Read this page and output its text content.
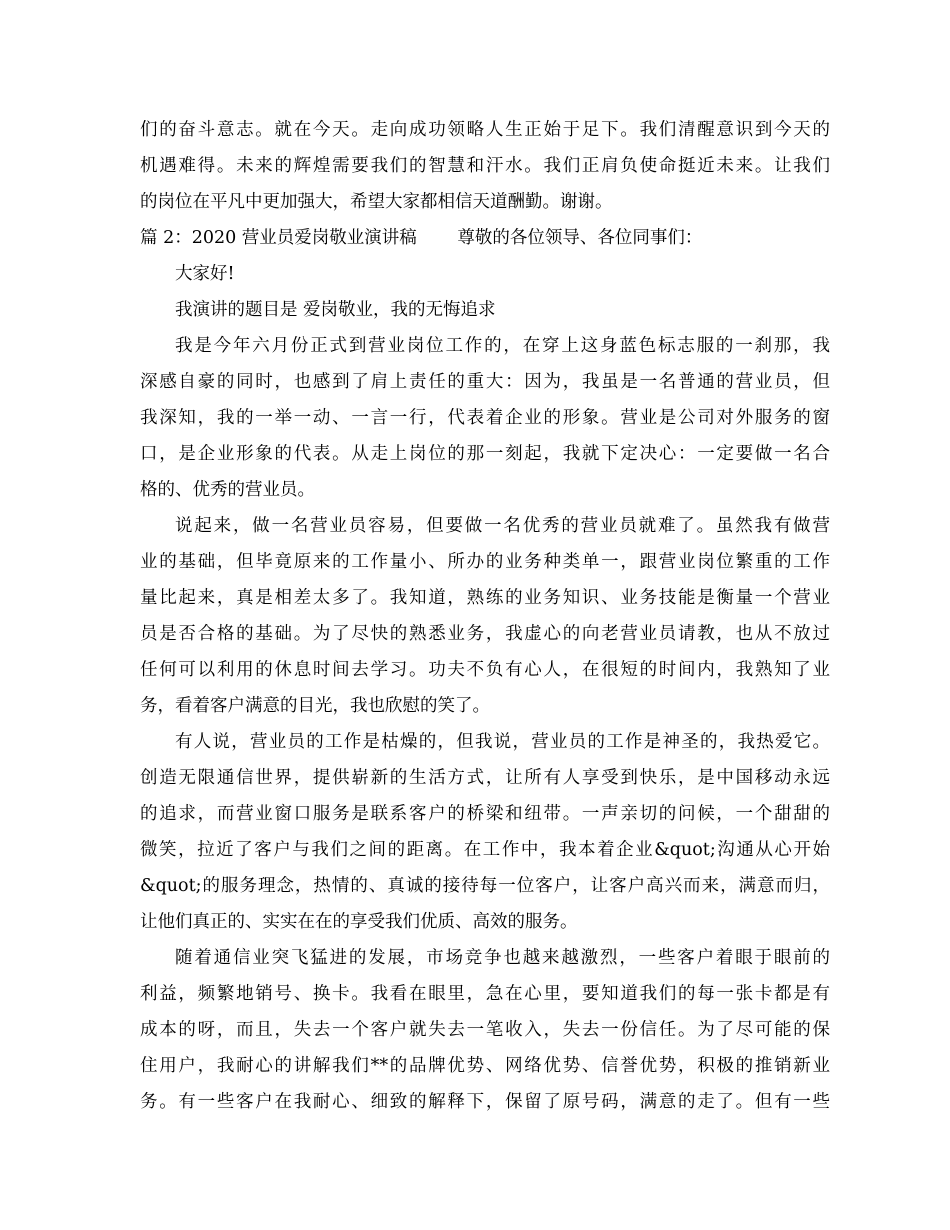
们的奋斗意志。就在今天。走向成功领略人生正始于足下。我们清醒意识到今天的
机遇难得。未来的辉煌需要我们的智慧和汗水。我们正肩负使命挺近未来。让我们
的岗位在平凡中更加强大，希望大家都相信天道酬勤。谢谢。
篇 2：2020 营业员爱岗敬业演讲稿　　 尊敬的各位领导、各位同事们：
大家好!
我演讲的题目是 爱岗敬业，我的无悔追求
我是今年六月份正式到营业岗位工作的，在穿上这身蓝色标志服的一刹那，我
深感自豪的同时，也感到了肩上责任的重大：因为，我虽是一名普通的营业员，但
我深知，我的一举一动、一言一行，代表着企业的形象。营业是公司对外服务的窗
口，是企业形象的代表。从走上岗位的那一刻起，我就下定决心：一定要做一名合
格的、优秀的营业员。
说起来，做一名营业员容易，但要做一名优秀的营业员就难了。虽然我有做营
业的基础，但毕竟原来的工作量小、所办的业务种类单一，跟营业岗位繁重的工作
量比起来，真是相差太多了。我知道，熟练的业务知识、业务技能是衡量一个营业
员是否合格的基础。为了尽快的熟悉业务，我虚心的向老营业员请教，也从不放过
任何可以利用的休息时间去学习。功夫不负有心人，在很短的时间内，我熟知了业
务，看着客户满意的目光，我也欣慰的笑了。
有人说，营业员的工作是枯燥的，但我说，营业员的工作是神圣的，我热爱它。
创造无限通信世界，提供崭新的生活方式，让所有人享受到快乐，是中国移动永远
的追求，而营业窗口服务是联系客户的桥梁和纽带。一声亲切的问候，一个甜甜的
微笑，拉近了客户与我们之间的距离。在工作中，我本着企业&quot;沟通从心开始
&quot;的服务理念，热情的、真诚的接待每一位客户，让客户高兴而来，满意而归，
让他们真正的、实实在在的享受我们优质、高效的服务。
随着通信业突飞猛进的发展，市场竞争也越来越激烈，一些客户着眼于眼前的
利益，频繁地销号、换卡。我看在眼里，急在心里，要知道我们的每一张卡都是有
成本的呀，而且，失去一个客户就失去一笔收入，失去一份信任。为了尽可能的保
住用户，我耐心的讲解我们**的品牌优势、网络优势、信誉优势，积极的推销新业
务。有一些客户在我耐心、细致的解释下，保留了原号码，满意的走了。但有一些
